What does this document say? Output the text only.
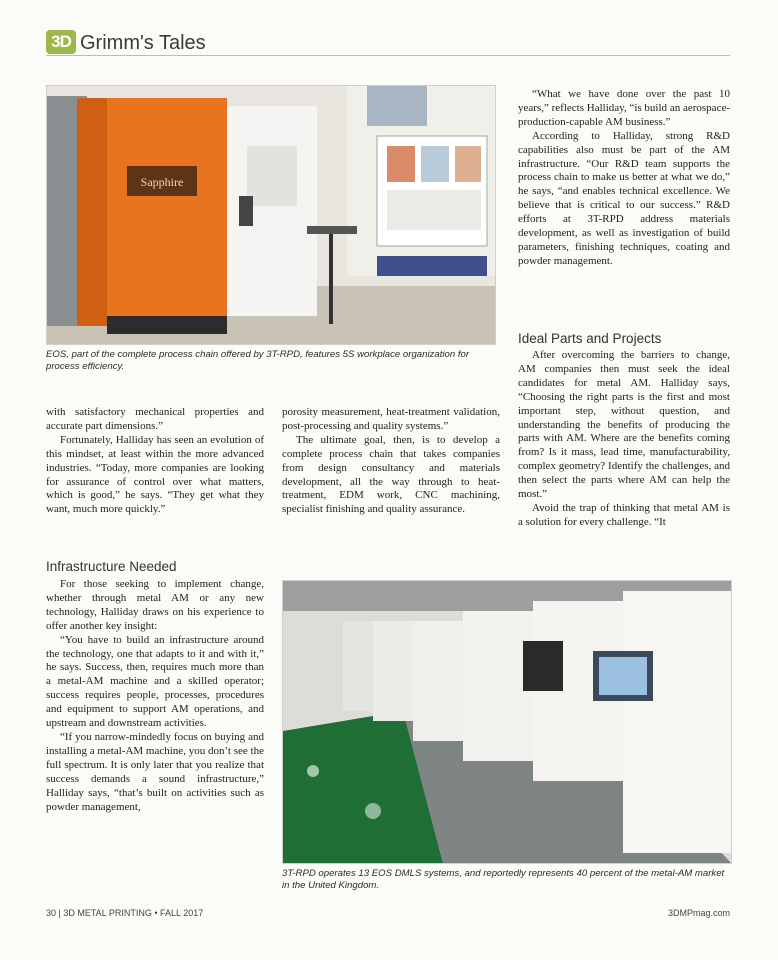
3D Grimm's Tales
Sapphire
EOS, part of the complete process chain offered by 3T-RPD, features 5S workplace organization for process efficiency.
3T-RPD operates 13 EOS DMLS systems, and reportedly represents 40 percent of the metal-AM market in the United Kingdom.

with satisfactory mechanical properties and accurate part dimensions.”

Fortunately, Halliday has seen an evolution of this mindset, at least within the more advanced industries. “Today, more companies are looking for assurance of control over what matters, which is good,” he says. “They get what they want, much more quickly.”

Infrastructure Needed

For those seeking to implement change, whether through metal AM or any new technology, Halliday draws on his experience to offer another key insight:

“You have to build an infrastructure around the technology, one that adapts to it and with it,” he says. Success, then, requires much more than a metal-AM machine and a skilled operator; success requires people, processes, procedures and equipment to support AM operations, and upstream and downstream activities.

“If you narrow-mindedly focus on buying and installing a metal-AM machine, you don’t see the full spectrum. It is only later that you realize that success demands a sound infrastructure,” Halliday says, “that’s built on activities such as powder management,

porosity measurement, heat-treatment validation, post-processing and quality systems.”

The ultimate goal, then, is to develop a complete process chain that takes companies from design consultancy and materials development, all the way through to heat-treatment, EDM work, CNC machining, specialist finishing and quality assurance.

“What we have done over the past 10 years,” reflects Halliday, “is build an aerospace-production-capable AM business.”

According to Halliday, strong R&D capabilities also must be part of the AM infrastructure. “Our R&D team supports the process chain to make us better at what we do,” he says, “and enables technical excellence. We believe that is critical to our success.” R&D efforts at 3T-RPD address materials development, as well as investigation of build parameters, finishing techniques, coating and powder management.

Ideal Parts and Projects

After overcoming the barriers to change, AM companies then must seek the ideal candidates for metal AM. Halliday says, “Choosing the right parts is the first and most important step, without question, and understanding the benefits of producing the parts with AM. Where are the benefits coming from? Is it mass, lead time, manufacturability, complex geometry? Identify the challenges, and then select the parts where AM can help the most.”

Avoid the trap of thinking that metal AM is a solution for every challenge. “It

30 | 3D METAL PRINTING • FALL 2017	3DMPmag.com
